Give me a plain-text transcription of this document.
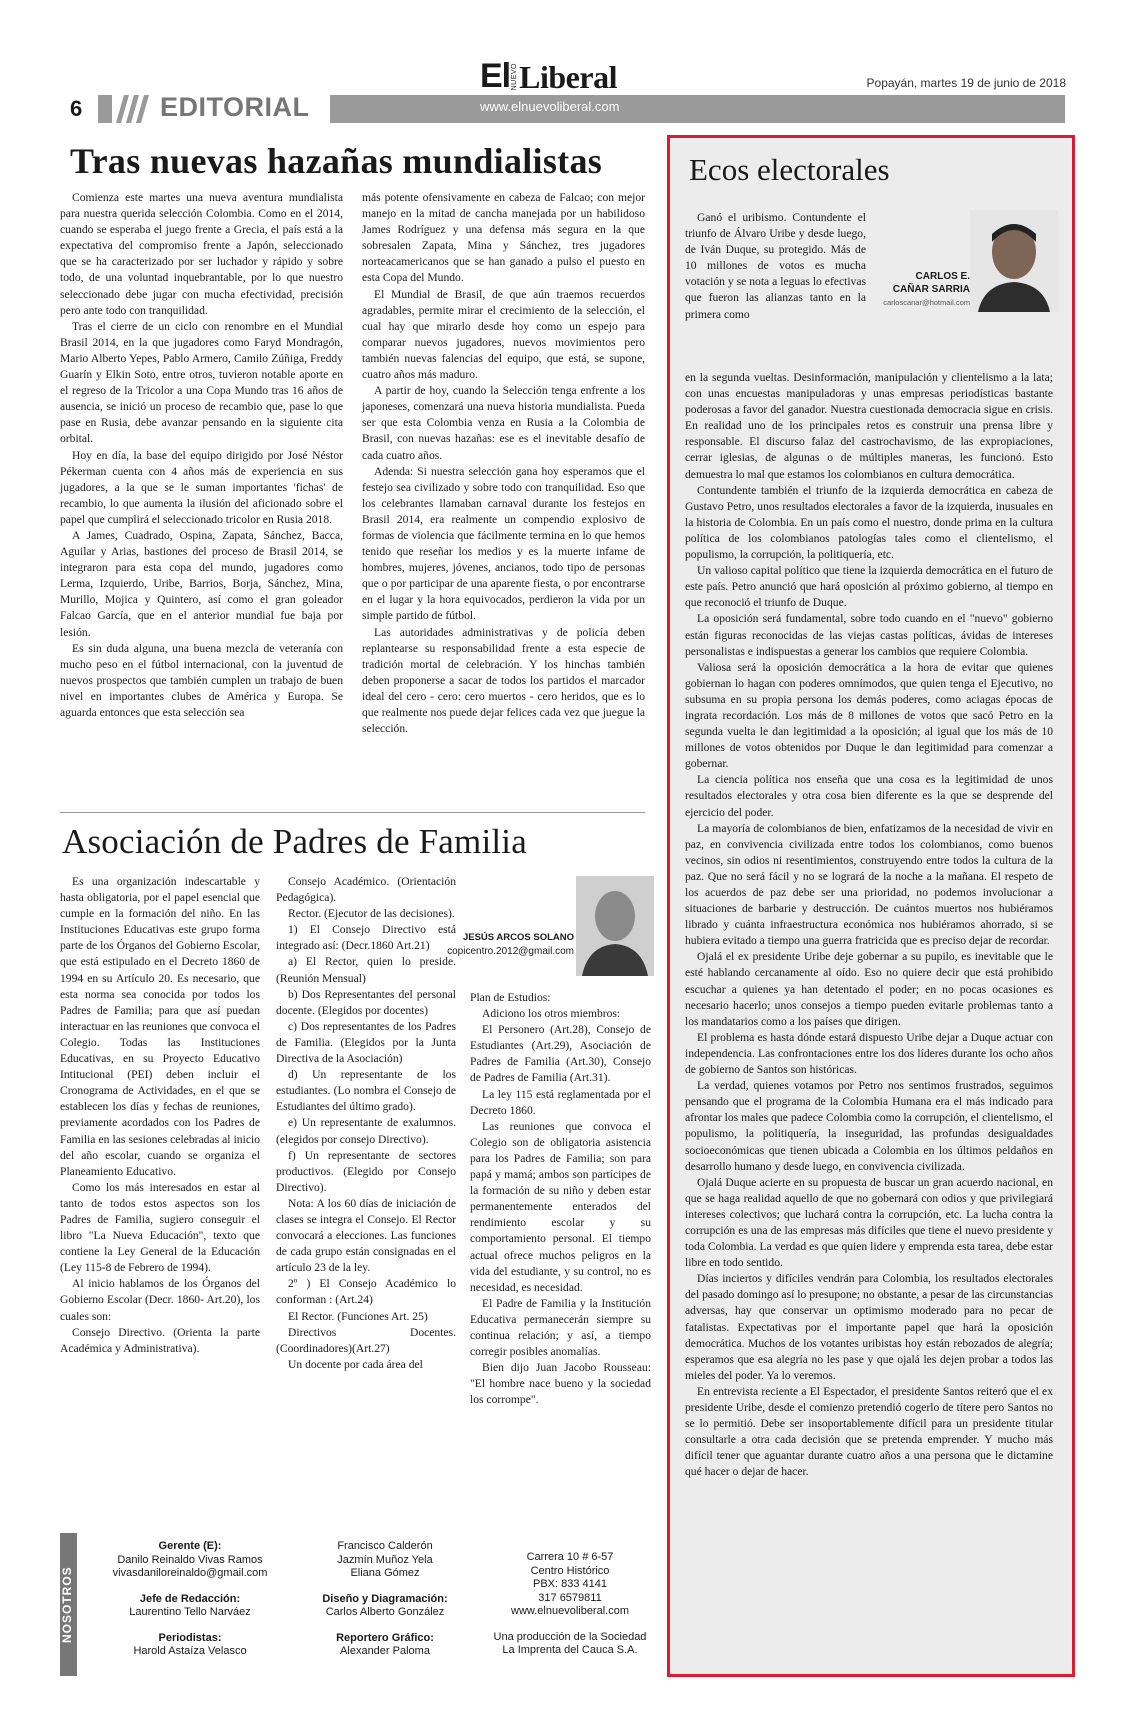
El NUEVO Liberal	Popayán, martes 19 de junio de 2018
6	EDITORIAL	www.elnuevoliberal.com
Tras nuevas hazañas mundialistas

Comienza este martes una nueva aventura mundialista para nuestra querida selección Colombia. Como en el 2014, cuando se esperaba el juego frente a Grecia, el país está a la expectativa del compromiso frente a Japón, seleccionado que se ha caracterizado por ser luchador y rápido y sobre todo, de una voluntad inquebrantable, por lo que nuestro seleccionado debe jugar con mucha efectividad, precisión pero ante todo con tranquilidad.

Tras el cierre de un ciclo con renombre en el Mundial Brasil 2014, en la que jugadores como Faryd Mondragón, Mario Alberto Yepes, Pablo Armero, Camilo Zúñiga, Freddy Guarín y Elkin Soto, entre otros, tuvieron notable aporte en el regreso de la Tricolor a una Copa Mundo tras 16 años de ausencia, se inició un proceso de recambio que, pase lo que pase en Rusia, debe avanzar pensando en la siguiente cita orbital.

Hoy en día, la base del equipo dirigido por José Néstor Pékerman cuenta con 4 años más de experiencia en sus jugadores, a la que se le suman importantes 'fichas' de recambio, lo que aumenta la ilusión del aficionado sobre el papel que cumplirá el seleccionado tricolor en Rusia 2018.

A James, Cuadrado, Ospina, Zapata, Sánchez, Bacca, Aguilar y Arias, bastiones del proceso de Brasil 2014, se integraron para esta copa del mundo, jugadores como Lerma, Izquierdo, Uribe, Barrios, Borja, Sánchez, Mina, Murillo, Mojica y Quintero, así como el gran goleador Falcao García, que en el anterior mundial fue baja por lesión.

Es sin duda alguna, una buena mezcla de veteranía con mucho peso en el fútbol internacional, con la juventud de nuevos prospectos que también cumplen un trabajo de buen nivel en importantes clubes de América y Europa. Se aguarda entonces que esta selección sea

más potente ofensivamente en cabeza de Falcao; con mejor manejo en la mitad de cancha manejada por un habilidoso James Rodríguez y una defensa más segura en la que sobresalen Zapata, Mina y Sánchez, tres jugadores norteacamericanos que se han ganado a pulso el puesto en esta Copa del Mundo.

El Mundial de Brasil, de que aún traemos recuerdos agradables, permite mirar el crecimiento de la selección, el cual hay que mirarlo desde hoy como un espejo para comparar nuevos jugadores, nuevos movimientos pero también nuevas falencias del equipo, que está, se supone, cuatro años más maduro.

A partir de hoy, cuando la Selección tenga enfrente a los japoneses, comenzará una nueva historia mundialista. Pueda ser que esta Colombia venza en Rusia a la Colombia de Brasil, con nuevas hazañas: ese es el inevitable desafío de cada cuatro años.

Adenda: Si nuestra selección gana hoy esperamos que el festejo sea civilizado y sobre todo con tranquilidad. Eso que los celebrantes llamaban carnaval durante los festejos en Brasil 2014, era realmente un compendio explosivo de formas de violencia que fácilmente termina en lo que hemos tenido que reseñar los medios y es la muerte infame de hombres, mujeres, jóvenes, ancianos, todo tipo de personas que o por participar de una aparente fiesta, o por encontrarse en el lugar y la hora equivocados, perdieron la vida por un simple partido de fútbol.

Las autoridades administrativas y de policía deben replantearse su responsabilidad frente a esta especie de tradición mortal de celebración. Y los hinchas también deben proponerse a sacar de todos los partidos el marcador ideal del cero - cero: cero muertos - cero heridos, que es lo que realmente nos puede dejar felices cada vez que juegue la selección.

Asociación de Padres de Familia

Es una organización indescartable y hasta obligatoria, por el papel esencial que cumple en la formación del niño. En las Instituciones Educativas este grupo forma parte de los Órganos del Gobierno Escolar, que está estipulado en el Decreto 1860 de 1994 en su Artículo 20. Es necesario, que esta norma sea conocida por todos los Padres de Familia; para que así puedan interactuar en las reuniones que convoca el Colegio. Todas las Instituciones Educativas, en su Proyecto Educativo Intitucional (PEI) deben incluir el Cronograma de Actividades, en el que se establecen los días y fechas de reuniones, previamente acordados con los Padres de Familia en las sesiones celebradas al inicio del año escolar, cuando se organiza el Planeamiento Educativo.

Como los más interesados en estar al tanto de todos estos aspectos son los Padres de Familia, sugiero conseguir el libro "La Nueva Educación", texto que contiene la Ley General de la Educación (Ley 115-8 de Febrero de 1994).

Al inicio hablamos de los Órganos del Gobierno Escolar (Decr. 1860- Art.20), los cuales son:

Consejo Directivo. (Orienta la parte Académica y Administrativa).

Consejo Académico. (Orientación Pedagógica).

Rector. (Ejecutor de las decisiones).

1) El Consejo Directivo está integrado así: (Decr.1860 Art.21)

a) El Rector, quien lo preside. (Reunión Mensual)

b) Dos Representantes del personal docente. (Elegidos por docentes)

c) Dos representantes de los Padres de Familia. (Elegidos por la Junta Directiva de la Asociación)

d) Un representante de los estudiantes. (Lo nombra el Consejo de Estudiantes del último grado).

e) Un representante de exalumnos.(elegidos por consejo Directivo).

f) Un representante de sectores productivos. (Elegido por Consejo Directivo).

Nota: A los 60 días de iniciación de clases se integra el Consejo. El Rector convocará a elecciones. Las funciones de cada grupo están consignadas en el artículo 23 de la ley.

2º ) El Consejo Académico lo conforman : (Art.24)

El Rector. (Funciones Art. 25)

Directivos Docentes. (Coordinadores)(Art.27)

Un docente por cada área del

JESÚS ARCOS SOLANO
copicentro.2012@gmail.com

Plan de Estudios:

Adiciono los otros miembros:

El Personero (Art.28), Consejo de Estudiantes (Art.29), Asociación de Padres de Familia (Art.30), Consejo de Padres de Familia (Art.31).

La ley 115 está reglamentada por el Decreto 1860.

Las reuniones que convoca el Colegio son de obligatoria asistencia para los Padres de Familia; son para papá y mamá; ambos son partícipes de la formación de su niño y deben estar permanentemente enterados del rendimiento escolar y su comportamiento personal. El tiempo actual ofrece muchos peligros en la vida del estudiante, y su control, no es necesidad, es necesidad.

El Padre de Familia y la Institución Educativa permanecerán siempre su continua relación; y así, a tiempo corregir posibles anomalías.

Bien dijo Juan Jacobo Rousseau: "El hombre nace bueno y la sociedad los corrompe".

Ecos electorales

Ganó el uribismo. Contundente el triunfo de Álvaro Uribe y desde luego, de Iván Duque, su protegido. Más de 10 millones de votos es mucha votación y se nota a leguas lo efectivas que fueron las alianzas tanto en la primera como

CARLOS E.
CAÑAR SARRIA
carloscanar@hotmail.com

en la segunda vueltas. Desinformación, manipulación y clientelismo a la lata; con unas encuestas manipuladoras y unas empresas periodísticas bastante poderosas a favor del ganador. Nuestra cuestionada democracia sigue en crisis. En realidad uno de los principales retos es construir una prensa libre y responsable. El discurso falaz del castrochavismo, de las expropiaciones, cerrar iglesias, de algunas o de múltiples maneras, les funcionó. Esto demuestra lo mal que estamos los colombianos en cultura democrática.

Contundente también el triunfo de la izquierda democrática en cabeza de Gustavo Petro, unos resultados electorales a favor de la izquierda, inusuales en la historia de Colombia. En un país como el nuestro, donde prima en la cultura política de los colombianos patologías tales como el clientelismo, el populismo, la corrupción, la politiquería, etc.

Un valioso capital político que tiene la izquierda democrática en el futuro de este país. Petro anunció que hará oposición al próximo gobierno, al tiempo en que reconoció el triunfo de Duque.

La oposición será fundamental, sobre todo cuando en el "nuevo" gobierno están figuras reconocidas de las viejas castas políticas, ávidas de intereses personalistas e indispuestas a generar los cambios que requiere Colombia.

Valiosa será la oposición democrática a la hora de evitar que quienes gobiernan lo hagan con poderes omnímodos, que quien tenga el Ejecutivo, no subsuma en su propia persona los demás poderes, como aciagas épocas de ingrata recordación. Los más de 8 millones de votos que sacó Petro en la segunda vuelta le dan legitimidad a la oposición; al igual que los más de 10 millones de votos obtenidos por Duque le dan legitimidad para comenzar a gobernar.

La ciencia política nos enseña que una cosa es la legitimidad de unos resultados electorales y otra cosa bien diferente es la que se desprende del ejercicio del poder.

La mayoría de colombianos de bien, enfatizamos de la necesidad de vivir en paz, en convivencia civilizada entre todos los colombianos, como buenos vecinos, sin odios ni resentimientos, construyendo entre todos la cultura de la paz. Que no será fácil y no se logrará de la noche a la mañana. El respeto de los acuerdos de paz debe ser una prioridad, no podemos involucionar a situaciones de barbarie y destrucción. De cuántos muertos nos hubiéramos librado y cuánta infraestructura económica nos hubiéramos ahorrado, si se hubiera evitado a tiempo una guerra fratricida que es preciso dejar de recordar.

Ojalá el ex presidente Uribe deje gobernar a su pupilo, es inevitable que le esté hablando cercanamente al oído. Eso no quiere decir que está prohibido escuchar a quienes ya han detentado el poder; en no pocas ocasiones es necesario hacerlo; unos consejos a tiempo pueden evitarle problemas tanto a los mandatarios como a los países que dirigen.

El problema es hasta dónde estará dispuesto Uribe dejar a Duque actuar con independencia. Las confrontaciones entre los dos líderes durante los ocho años de gobierno de Santos son históricas.

La verdad, quienes votamos por Petro nos sentimos frustrados, seguimos pensando que el programa de la Colombia Humana era el más indicado para afrontar los males que padece Colombia como la corrupción, el clientelismo, el populismo, la politiquería, la inseguridad, las profundas desigualdades socioeconómicas que tienen ubicada a Colombia en los últimos peldaños en desarrollo humano y desde luego, en convivencia civilizada.

Ojalá Duque acierte en su propuesta de buscar un gran acuerdo nacional, en que se haga realidad aquello de que no gobernará con odios y que privilegiará intereses colectivos; que luchará contra la corrupción, etc. La lucha contra la corrupción es una de las empresas más difíciles que tiene el nuevo presidente y toda Colombia. La verdad es que quien lidere y emprenda esta tarea, debe estar libre en todo sentido.

Días inciertos y difíciles vendrán para Colombia, los resultados electorales del pasado domingo así lo presupone; no obstante, a pesar de las circunstancias adversas, hay que conservar un optimismo moderado para no pecar de fatalistas. Expectativas por el importante papel que hará la oposición democrática. Muchos de los votantes uribistas hoy están rebozados de alegría; esperamos que esa alegría no les pase y que ojalá les dejen probar a todos las mieles del poder. Ya lo veremos.

En entrevista reciente a El Espectador, el presidente Santos reiteró que el ex presidente Uribe, desde el comienzo pretendió cogerlo de títere pero Santos no se lo permitió. Debe ser insoportablemente difícil para un presidente titular consultarle a otra cada decisión que se pretenda emprender. Y mucho más difícil tener que aguantar durante cuatro años a una persona que le dictamine qué hacer o dejar de hacer.

NOSOTROS
Gerente (E):
Danilo Reinaldo Vivas Ramos
vivasdaniloreinaldo@gmail.com
Jefe de Redacción:
Laurentino Tello Narváez
Periodistas:
Harold Astaíza Velasco
Francisco Calderón
Jazmín Muñoz Yela
Eliana Gómez
Diseño y Diagramación:
Carlos Alberto González
Reportero Gráfico:
Alexander Paloma
Carrera 10 # 6-57
Centro Histórico
PBX: 833 4141
317 6579811
www.elnuevoliberal.com
Una producción de la Sociedad
La Imprenta del Cauca S.A.
